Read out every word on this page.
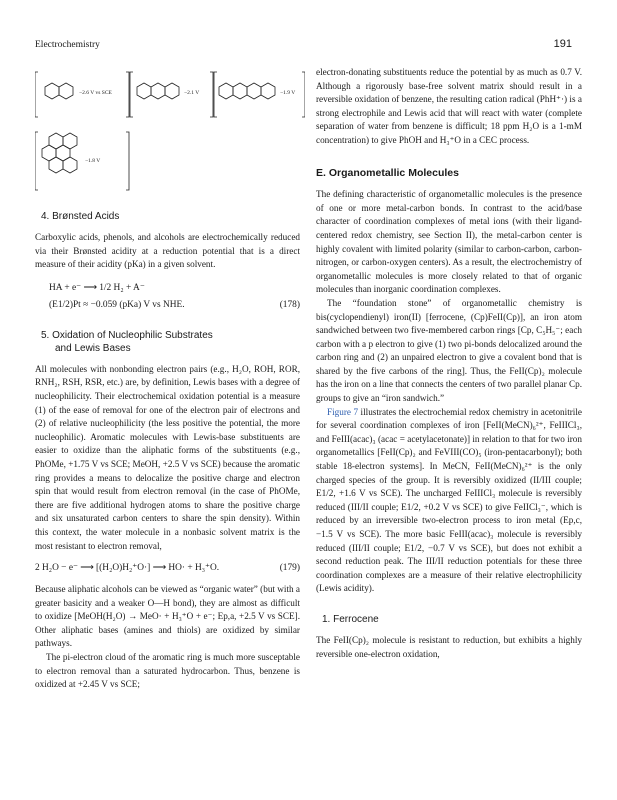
Electrochemistry	191
−2.6 V vs SCE	−2.1 V	−1.9 V
−1.8 V
4. Brønsted Acids

Carboxylic acids, phenols, and alcohols are electrochemically reduced via their Brønsted acidity at a reduction potential that is a direct measure of their acidity (pKa) in a given solvent.

HA + e⁻ ⟶ 1/2 H₂ + A⁻
(E1/2)Pt ≈ −0.059 (pKa) V vs NHE.	(178)
5. Oxidation of Nucleophilic Substrates
and Lewis Bases

All molecules with nonbonding electron pairs (e.g., H₂O, ROH, ROR, RNH₂, RSH, RSR, etc.) are, by definition, Lewis bases with a degree of nucleophilicity. Their electrochemical oxidation potential is a measure (1) of the ease of removal for one of the electron pair of electrons and (2) of relative nucleophilicity (the less positive the potential, the more nucleophilic). Aromatic molecules with Lewis-base substituents are easier to oxidize than the aliphatic forms of the substituents (e.g., PhOMe, +1.75 V vs SCE; MeOH, +2.5 V vs SCE) because the aromatic ring provides a means to delocalize the positive charge and electron spin that would result from electron removal (in the case of PhOMe, there are five additional hydrogen atoms to share the positive charge and six unsaturated carbon centers to share the spin density). Within this context, the water molecule in a nonbasic solvent matrix is the most resistant to electron removal,

2 H₂O − e⁻ ⟶ [(H₂O)H₂⁺O·] ⟶ HO· + H₃⁺O.	(179)

Because aliphatic alcohols can be viewed as “organic water” (but with a greater basicity and a weaker O—H bond), they are almost as difficult to oxidize [MeOH(H₂O) → MeO· + H₃⁺O + e⁻; Ep,a, +2.5 V vs SCE]. Other aliphatic bases (amines and thiols) are oxidized by similar pathways.

The pi-electron cloud of the aromatic ring is much more susceptable to electron removal than a saturated hydrocarbon. Thus, benzene is oxidized at +2.45 V vs SCE;

electron-donating substituents reduce the potential by as much as 0.7 V. Although a rigorously base-free solvent matrix should result in a reversible oxidation of benzene, the resulting cation radical (PhH⁺·) is a strong electrophile and Lewis acid that will react with water (complete separation of water from benzene is difficult; 18 ppm H₂O is a 1-mM concentration) to give PhOH and H₃⁺O in a CEC process.

E. Organometallic Molecules

The defining characteristic of organometallic molecules is the presence of one or more metal-carbon bonds. In contrast to the acid/base character of coordination complexes of metal ions (with their ligand-centered redox chemistry, see Section II), the metal-carbon center is highly covalent with limited polarity (similar to carbon-carbon, carbon-nitrogen, or carbon-oxygen centers). As a result, the electrochemistry of organometallic molecules is more closely related to that of organic molecules than inorganic coordination complexes.

The “foundation stone” of organometallic chemistry is bis(cyclopendienyl) iron(II) [ferrocene, (Cp)FeII(Cp)], an iron atom sandwiched between two five-membered carbon rings [Cp, C₅H₅⁻; each carbon with a p electron to give (1) two pi-bonds delocalized around the carbon ring and (2) an unpaired electron to give a covalent bond that is shared by the five carbons of the ring]. Thus, the FeII(Cp)₂ molecule has the iron on a line that connects the centers of two parallel planar Cp. groups to give an “iron sandwich.”

Figure 7 illustrates the electrochemial redox chemistry in acetonitrile for several coordination complexes of iron [FeII(MeCN)₆²⁺, FeIIICl₃, and FeIII(acac)₃ (acac = acetylacetonate)] in relation to that for two iron organometallics [FeII(Cp)₂ and FeVIII(CO)₅ (iron-pentacarbonyl); both stable 18-electron systems]. In MeCN, FeII(MeCN)₆²⁺ is the only charged species of the group. It is reversibly oxidized (II/III couple; E1/2, +1.6 V vs SCE). The uncharged FeIIICl₃ molecule is reversibly reduced (III/II couple; E1/2, +0.2 V vs SCE) to give FeIICl₃⁻, which is reduced by an irreversible two-electron process to iron metal (Ep,c, −1.5 V vs SCE). The more basic FeIII(acac)₃ molecule is reversibly reduced (III/II couple; E1/2, −0.7 V vs SCE), but does not exhibit a second reduction peak. The III/II reduction potentials for these three coordination complexes are a measure of their relative electrophilicity (Lewis acidity).

1. Ferrocene

The FeII(Cp)₂ molecule is resistant to reduction, but exhibits a highly reversible one-electron oxidation,
